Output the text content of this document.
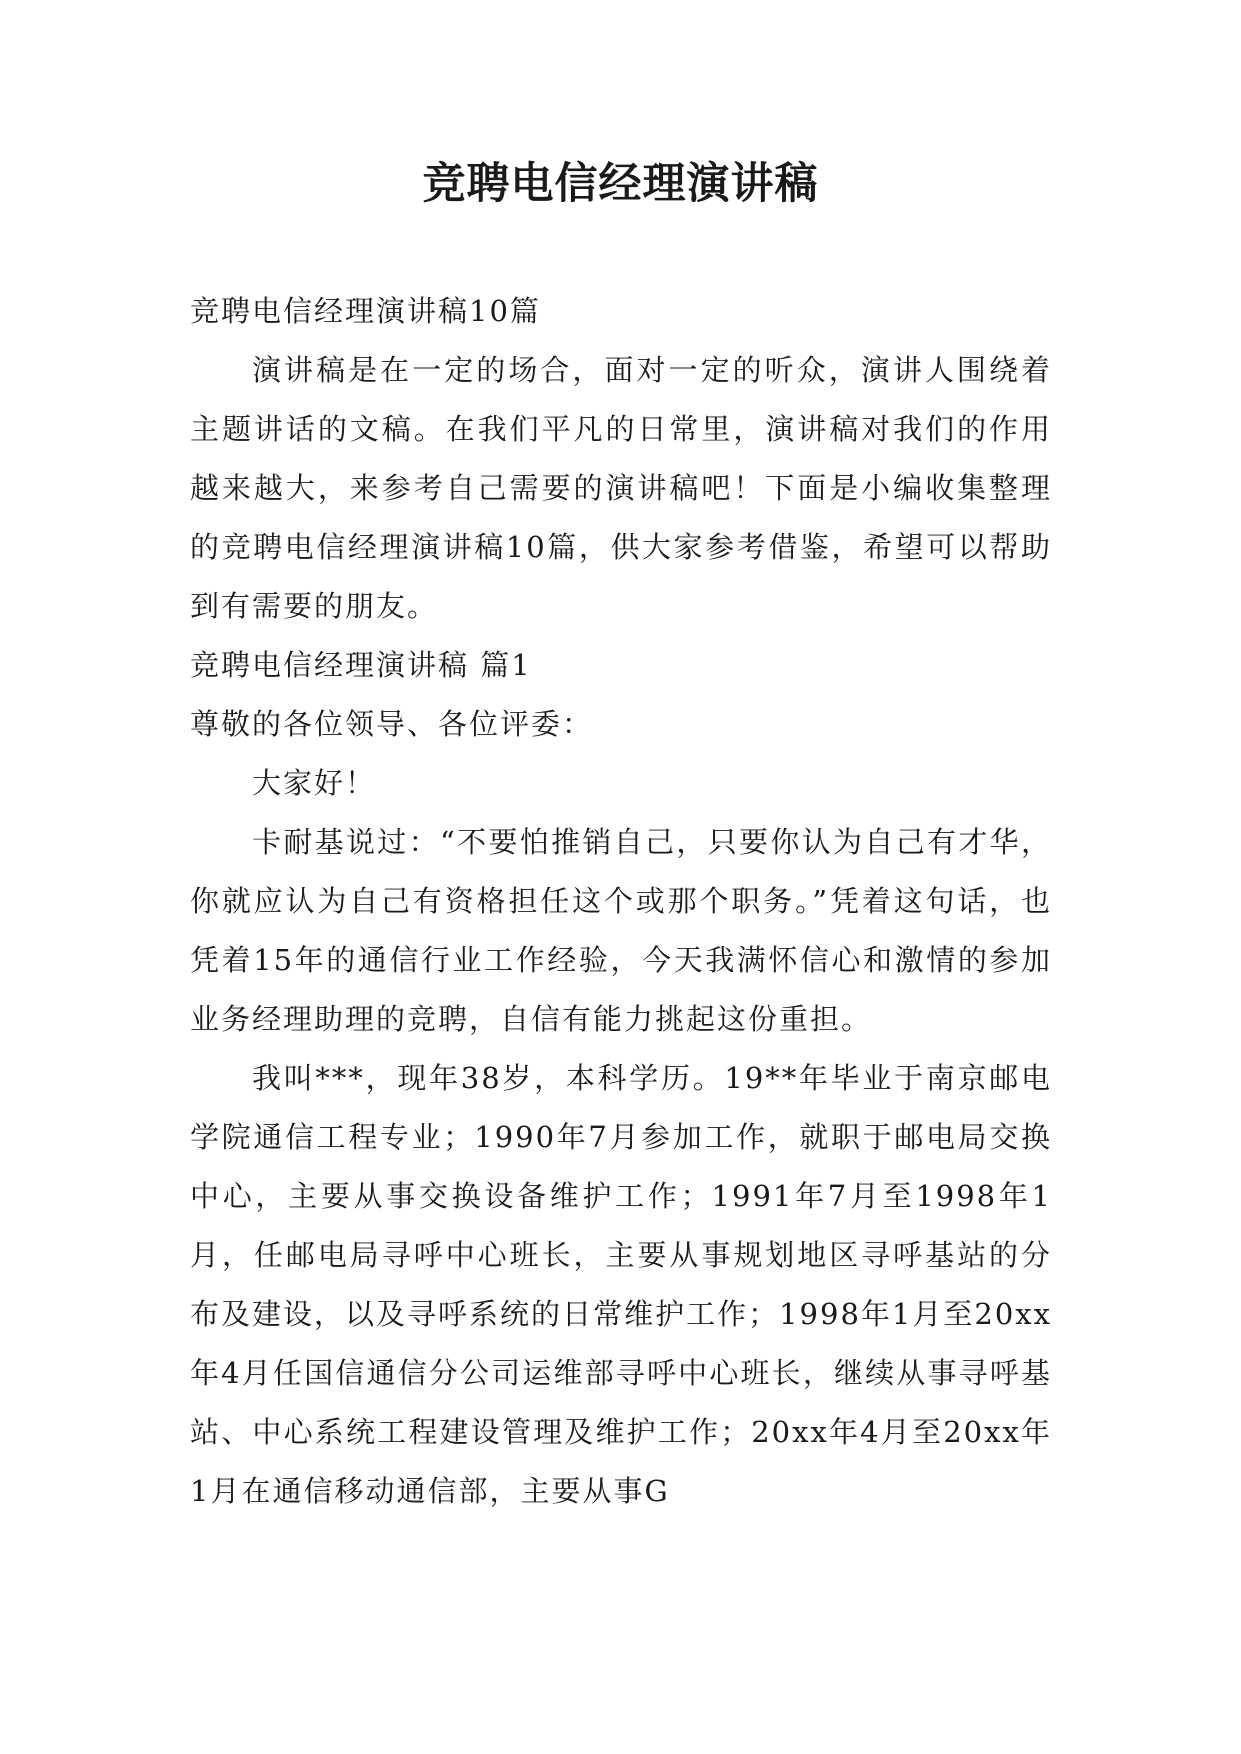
竞聘电信经理演讲稿

竞聘电信经理演讲稿10篇

演讲稿是在一定的场合，面对一定的听众，演讲人围绕着主题讲话的文稿。在我们平凡的日常里，演讲稿对我们的作用越来越大，来参考自己需要的演讲稿吧！下面是小编收集整理的竞聘电信经理演讲稿10篇，供大家参考借鉴，希望可以帮助到有需要的朋友。

竞聘电信经理演讲稿 篇1

尊敬的各位领导、各位评委：

大家好！

卡耐基说过：“不要怕推销自己，只要你认为自己有才华，你就应认为自己有资格担任这个或那个职务。”凭着这句话，也凭着15年的通信行业工作经验，今天我满怀信心和激情的参加业务经理助理的竞聘，自信有能力挑起这份重担。

我叫***，现年38岁，本科学历。19**年毕业于南京邮电学院通信工程专业；1990年7月参加工作，就职于邮电局交换中心，主要从事交换设备维护工作；1991年7月至1998年1月，任邮电局寻呼中心班长，主要从事规划地区寻呼基站的分布及建设，以及寻呼系统的日常维护工作；1998年1月至20xx年4月任国信通信分公司运维部寻呼中心班长，继续从事寻呼基站、中心系统工程建设管理及维护工作；20xx年4月至20xx年1月在通信移动通信部，主要从事G
